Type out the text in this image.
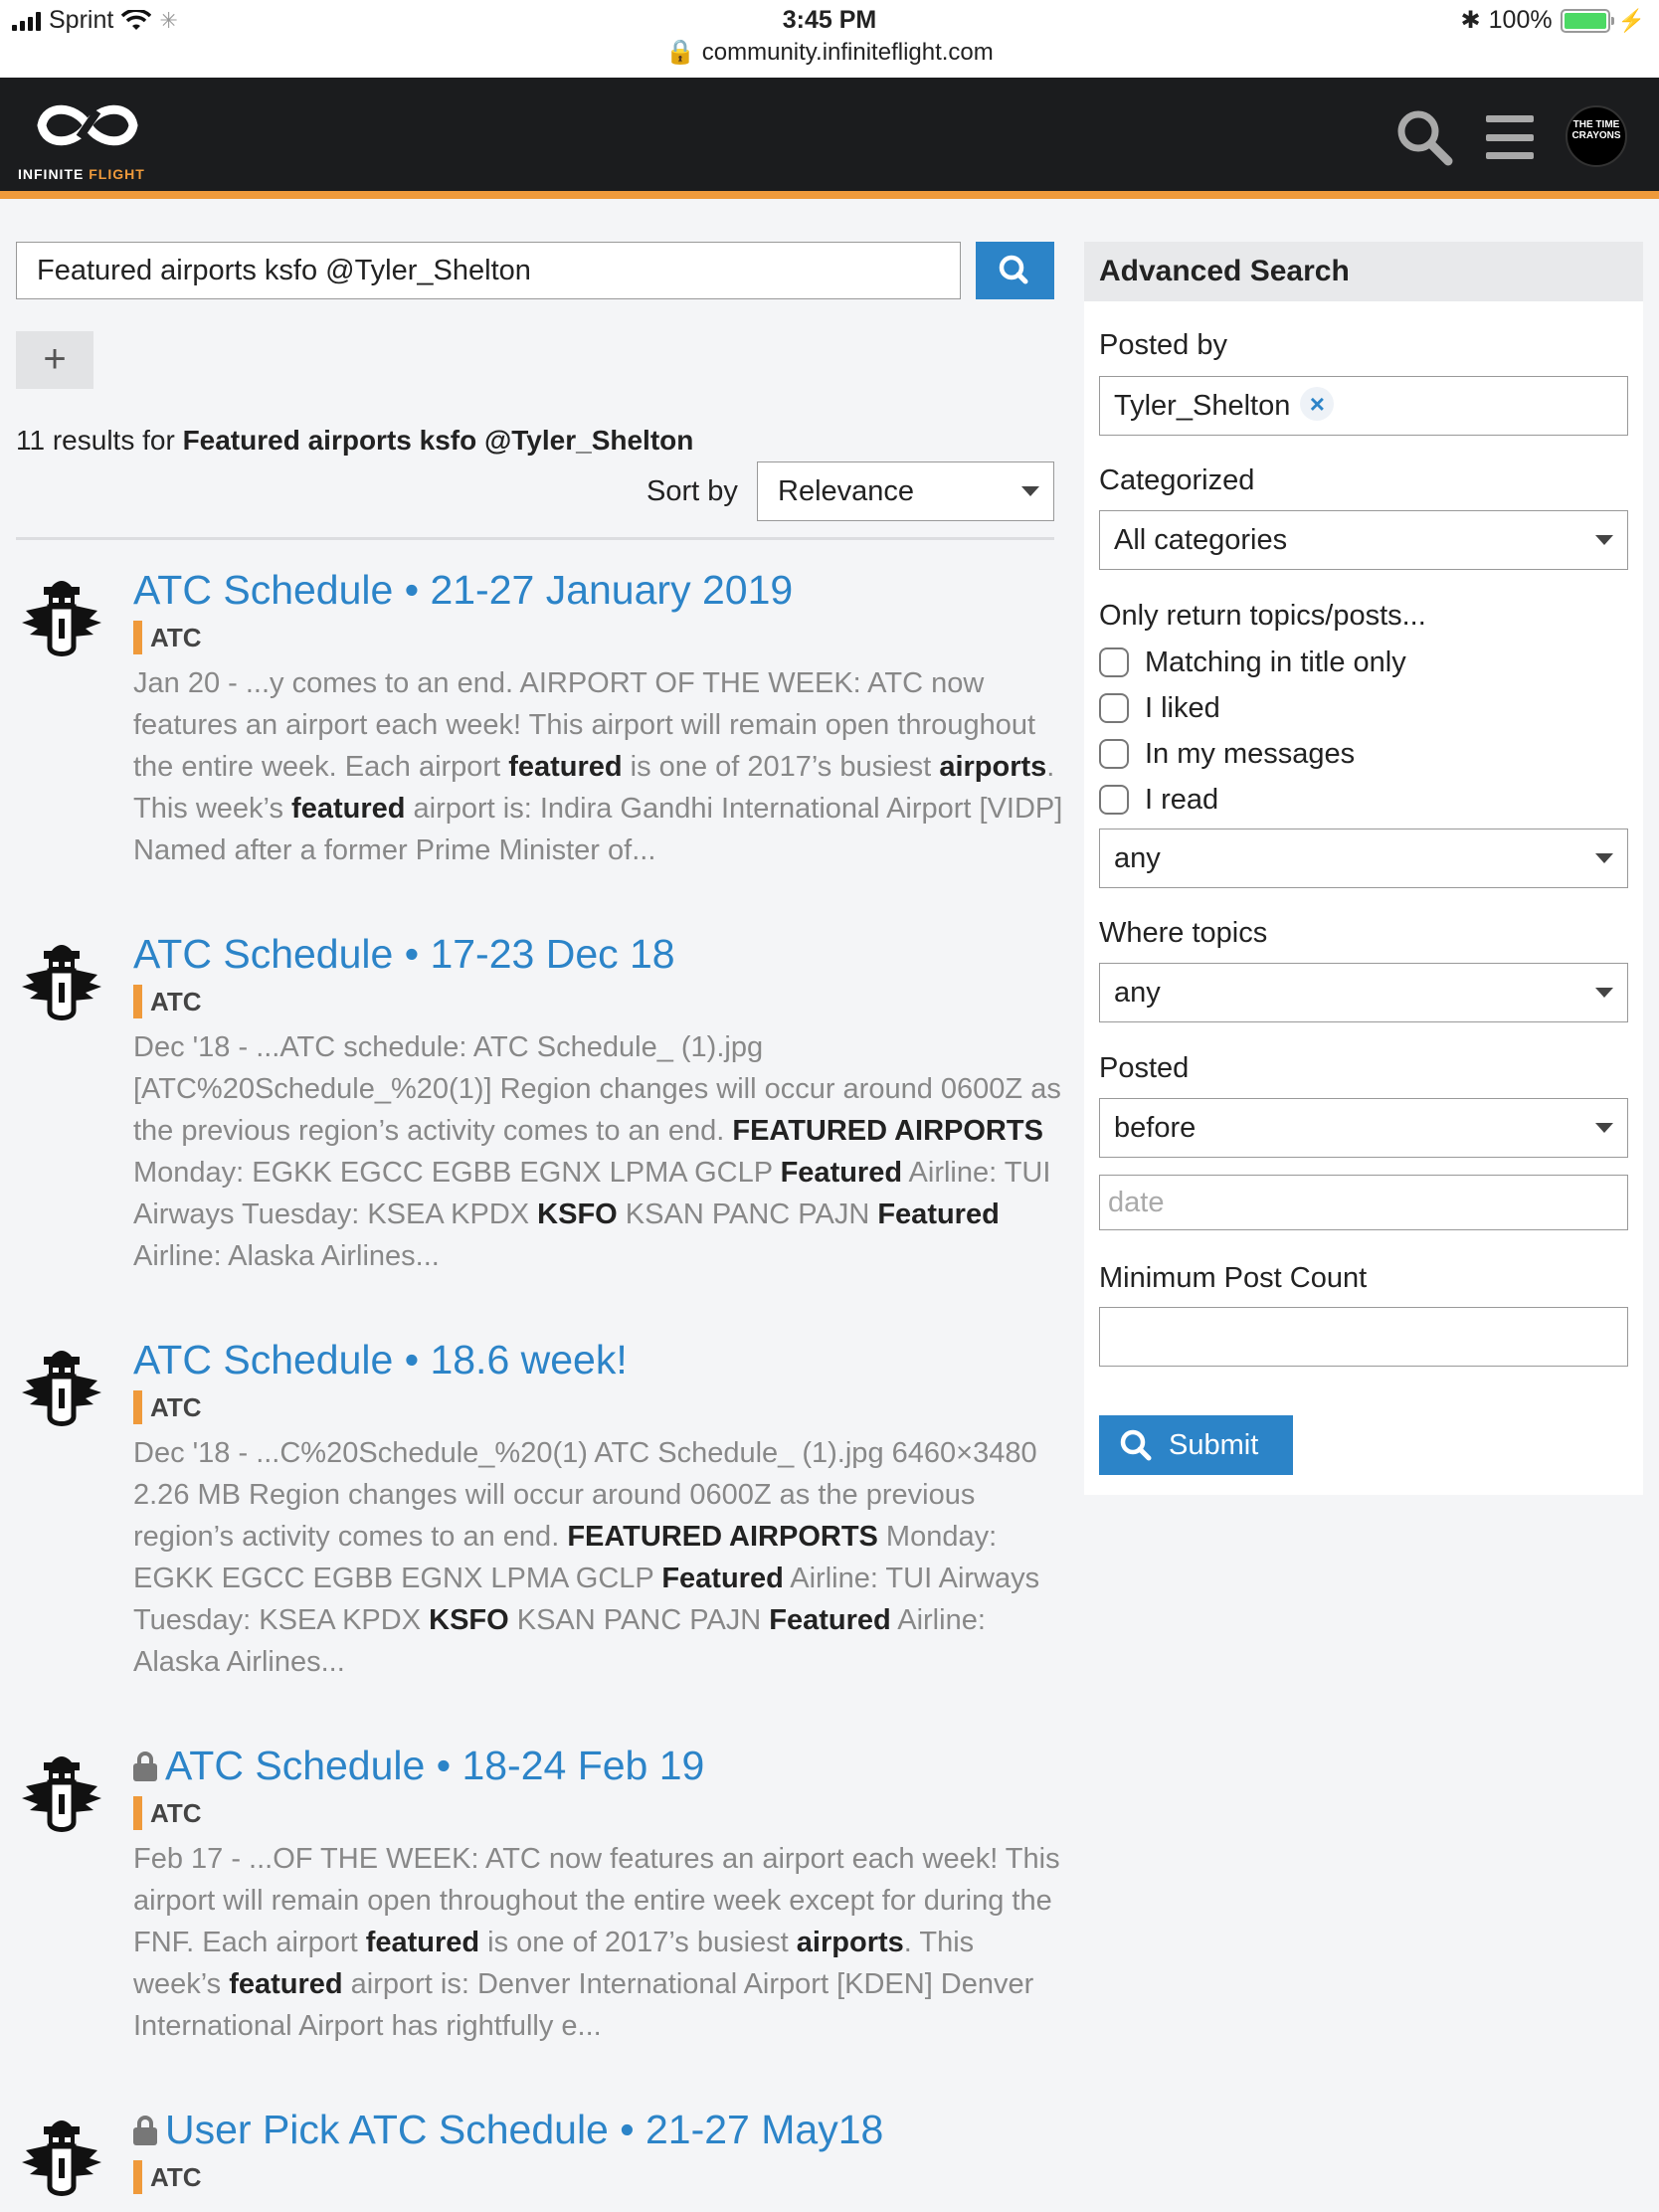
Sprint ✳	3:45 PM
🔒 community.infiniteflight.com
✱ 100%	⚡
INFINITE FLIGHT
THE TIME CRAYONS
Featured airports ksfo @Tyler_Shelton
+
11 results for Featured airports ksfo @Tyler_Shelton
Sort by	Relevance
ATC Schedule • 21-27 January 2019
ATC
Jan 20 - ...y comes to an end. AIRPORT OF THE WEEK: ATC now features an airport each week! This airport will remain open throughout the entire week. Each airport featured is one of 2017’s busiest airports. This week’s featured airport is: Indira Gandhi International Airport [VIDP] Named after a former Prime Minister of...
ATC Schedule • 17-23 Dec 18
ATC
Dec '18 - ...ATC schedule: ATC Schedule_ (1).jpg [ATC%20Schedule_%20(1)] Region changes will occur around 0600Z as the previous region’s activity comes to an end. FEATURED AIRPORTS Monday: EGKK EGCC EGBB EGNX LPMA GCLP Featured Airline: TUI Airways Tuesday: KSEA KPDX KSFO KSAN PANC PAJN Featured Airline: Alaska Airlines...
ATC Schedule • 18.6 week!
ATC
Dec '18 - ...C%20Schedule_%20(1) ATC Schedule_ (1).jpg 6460×3480 2.26 MB Region changes will occur around 0600Z as the previous region’s activity comes to an end. FEATURED AIRPORTS Monday: EGKK EGCC EGBB EGNX LPMA GCLP Featured Airline: TUI Airways Tuesday: KSEA KPDX KSFO KSAN PANC PAJN Featured Airline: Alaska Airlines...
ATC Schedule • 18-24 Feb 19
ATC
Feb 17 - ...OF THE WEEK: ATC now features an airport each week! This airport will remain open throughout the entire week except for during the FNF. Each airport featured is one of 2017’s busiest airports. This week’s featured airport is: Denver International Airport [KDEN] Denver International Airport has rightfully e...
User Pick ATC Schedule • 21-27 May18
ATC
Advanced Search
Posted by
Tyler_Shelton ×
Categorized
All categories
Only return topics/posts...
Matching in title only
I liked
In my messages
I read
any
Where topics
any
Posted
before
date
Minimum Post Count
Submit
